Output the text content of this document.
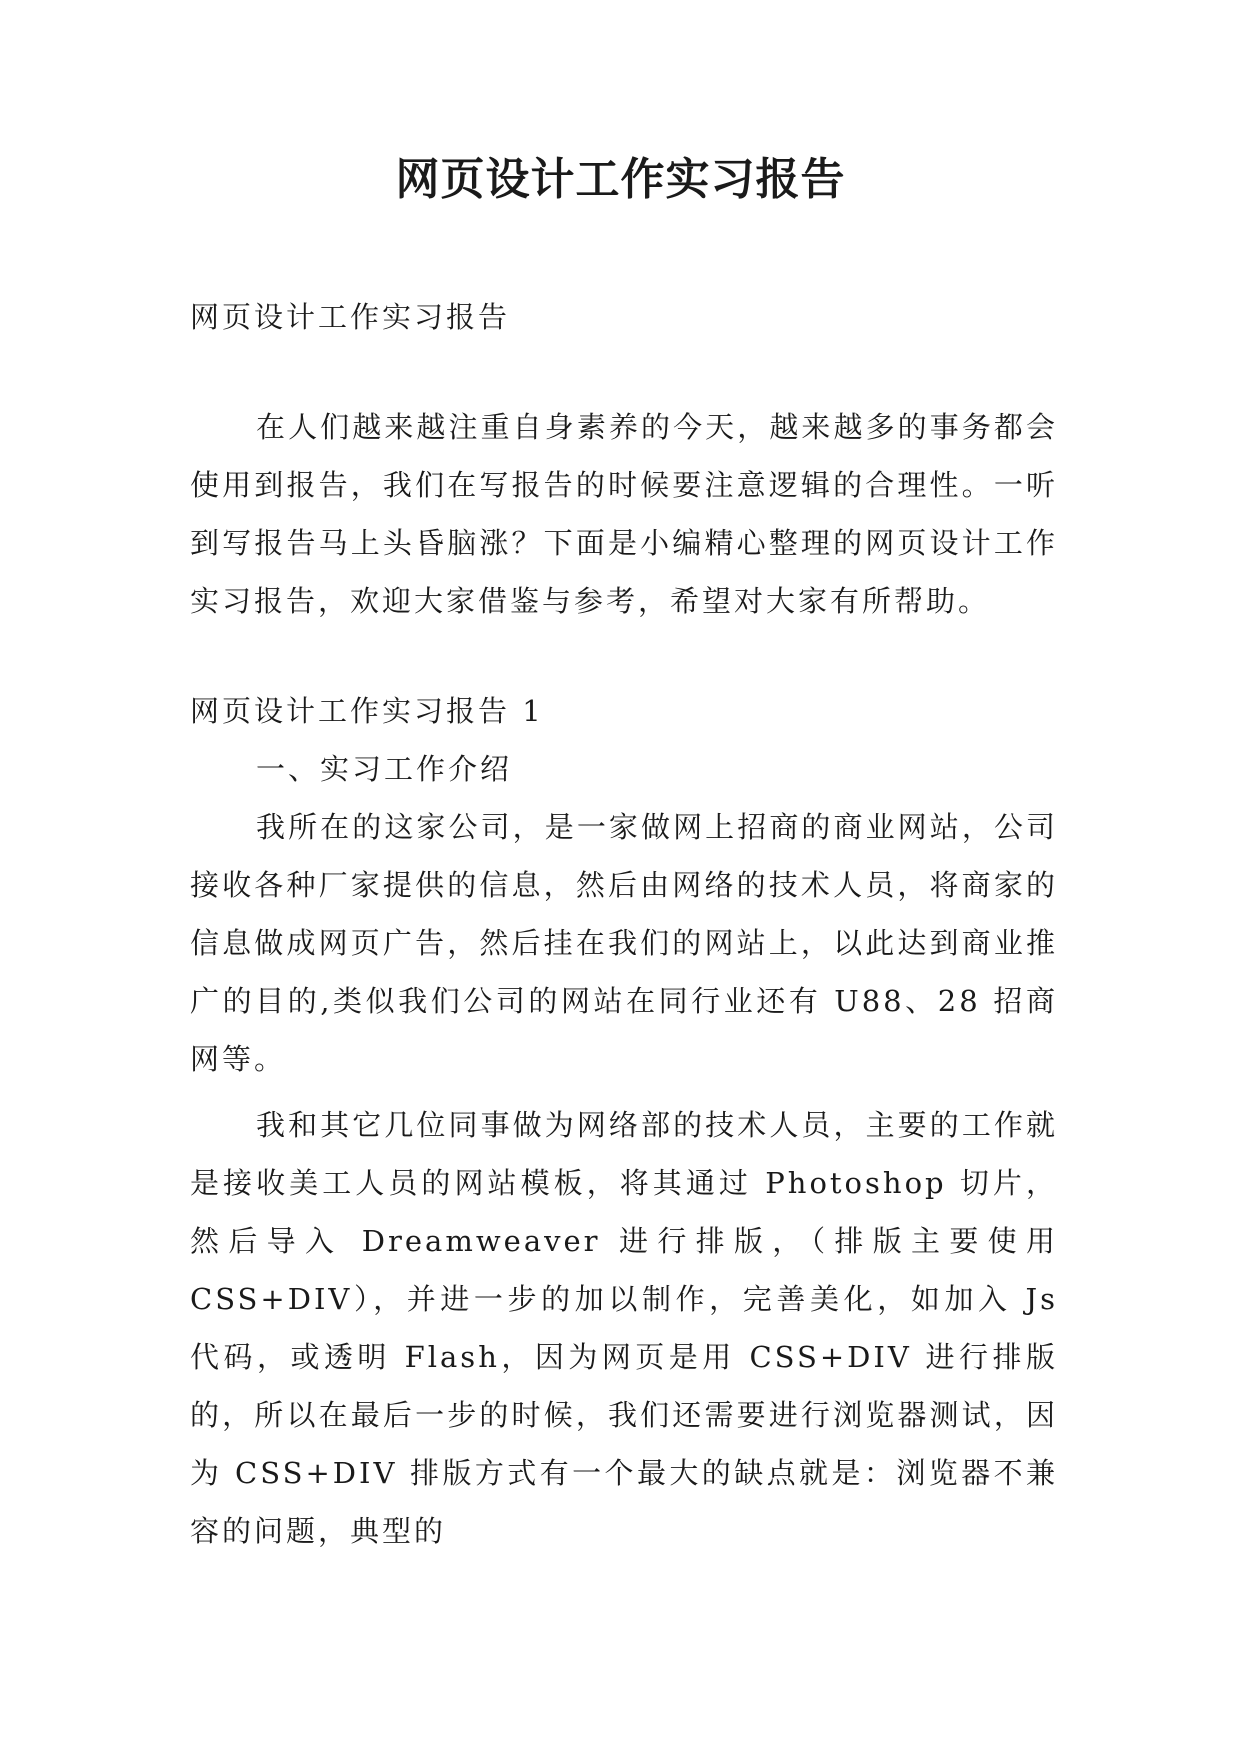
网页设计工作实习报告

网页设计工作实习报告

在人们越来越注重自身素养的今天，越来越多的事务都会使用到报告，我们在写报告的时候要注意逻辑的合理性。一听到写报告马上头昏脑涨？下面是小编精心整理的网页设计工作实习报告，欢迎大家借鉴与参考，希望对大家有所帮助。

网页设计工作实习报告 1

一、实习工作介绍

我所在的这家公司，是一家做网上招商的商业网站，公司接收各种厂家提供的信息，然后由网络的技术人员，将商家的信息做成网页广告，然后挂在我们的网站上，以此达到商业推广的目的,类似我们公司的网站在同行业还有 U88、28 招商网等。

我和其它几位同事做为网络部的技术人员，主要的工作就是接收美工人员的网站模板，将其通过 Photoshop 切片，然后导入 Dreamweaver 进行排版，（排版主要使用 CSS+DIV），并进一步的加以制作，完善美化，如加入 Js 代码，或透明 Flash，因为网页是用 CSS+DIV 进行排版的，所以在最后一步的时候，我们还需要进行浏览器测试，因为 CSS+DIV 排版方式有一个最大的缺点就是：浏览器不兼容的问题，典型的
